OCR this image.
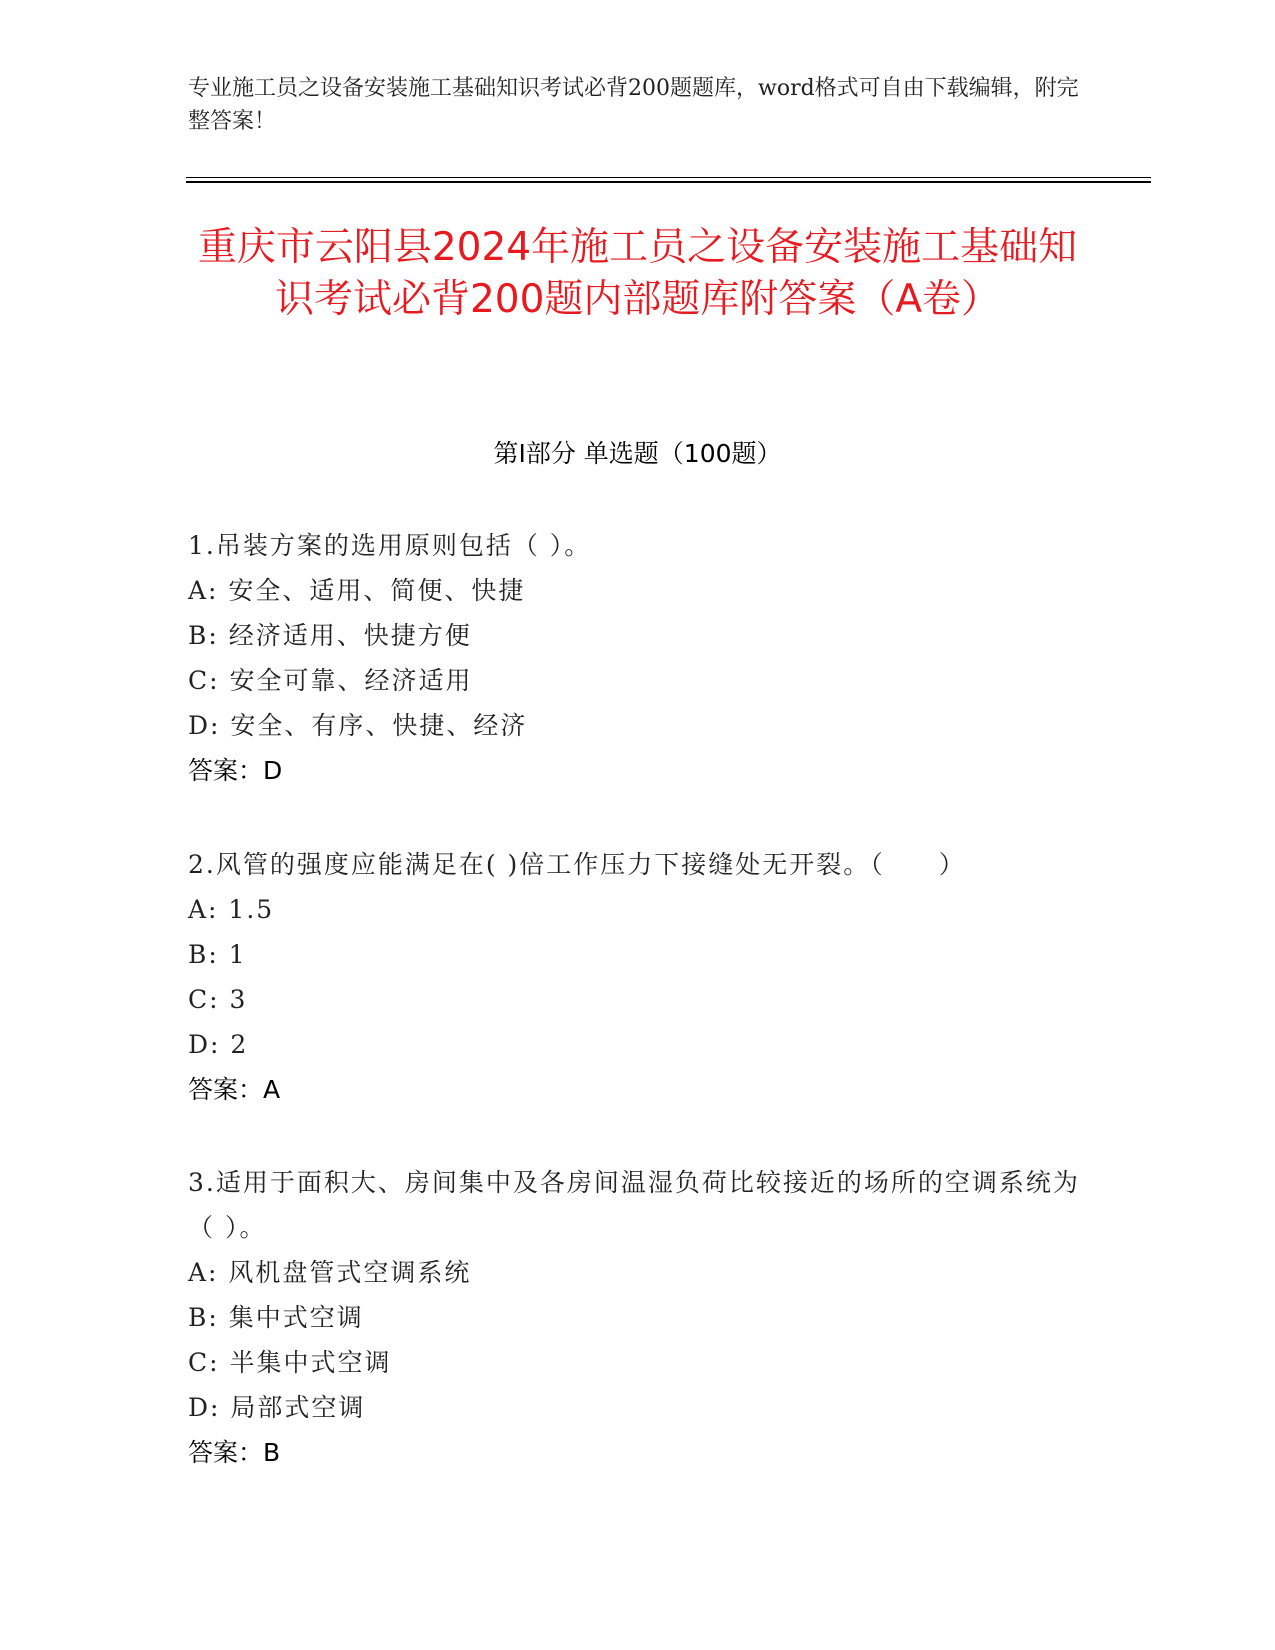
专业施工员之设备安装施工基础知识考试必背200题题库，word格式可自由下载编辑，附完整答案！
重庆市云阳县2024年施工员之设备安装施工基础知识考试必背200题内部题库附答案（A卷）
第I部分 单选题（100题）
1.吊装方案的选用原则包括（ ）。
A: 安全、适用、简便、快捷
B: 经济适用、快捷方便
C: 安全可靠、经济适用
D: 安全、有序、快捷、经济
答案：D
2.风管的强度应能满足在( )倍工作压力下接缝处无开裂。（　　）
A: 1.5
B: 1
C: 3
D: 2
答案：A
3.适用于面积大、房间集中及各房间温湿负荷比较接近的场所的空调系统为（ ）。
A: 风机盘管式空调系统
B: 集中式空调
C: 半集中式空调
D: 局部式空调
答案：B
